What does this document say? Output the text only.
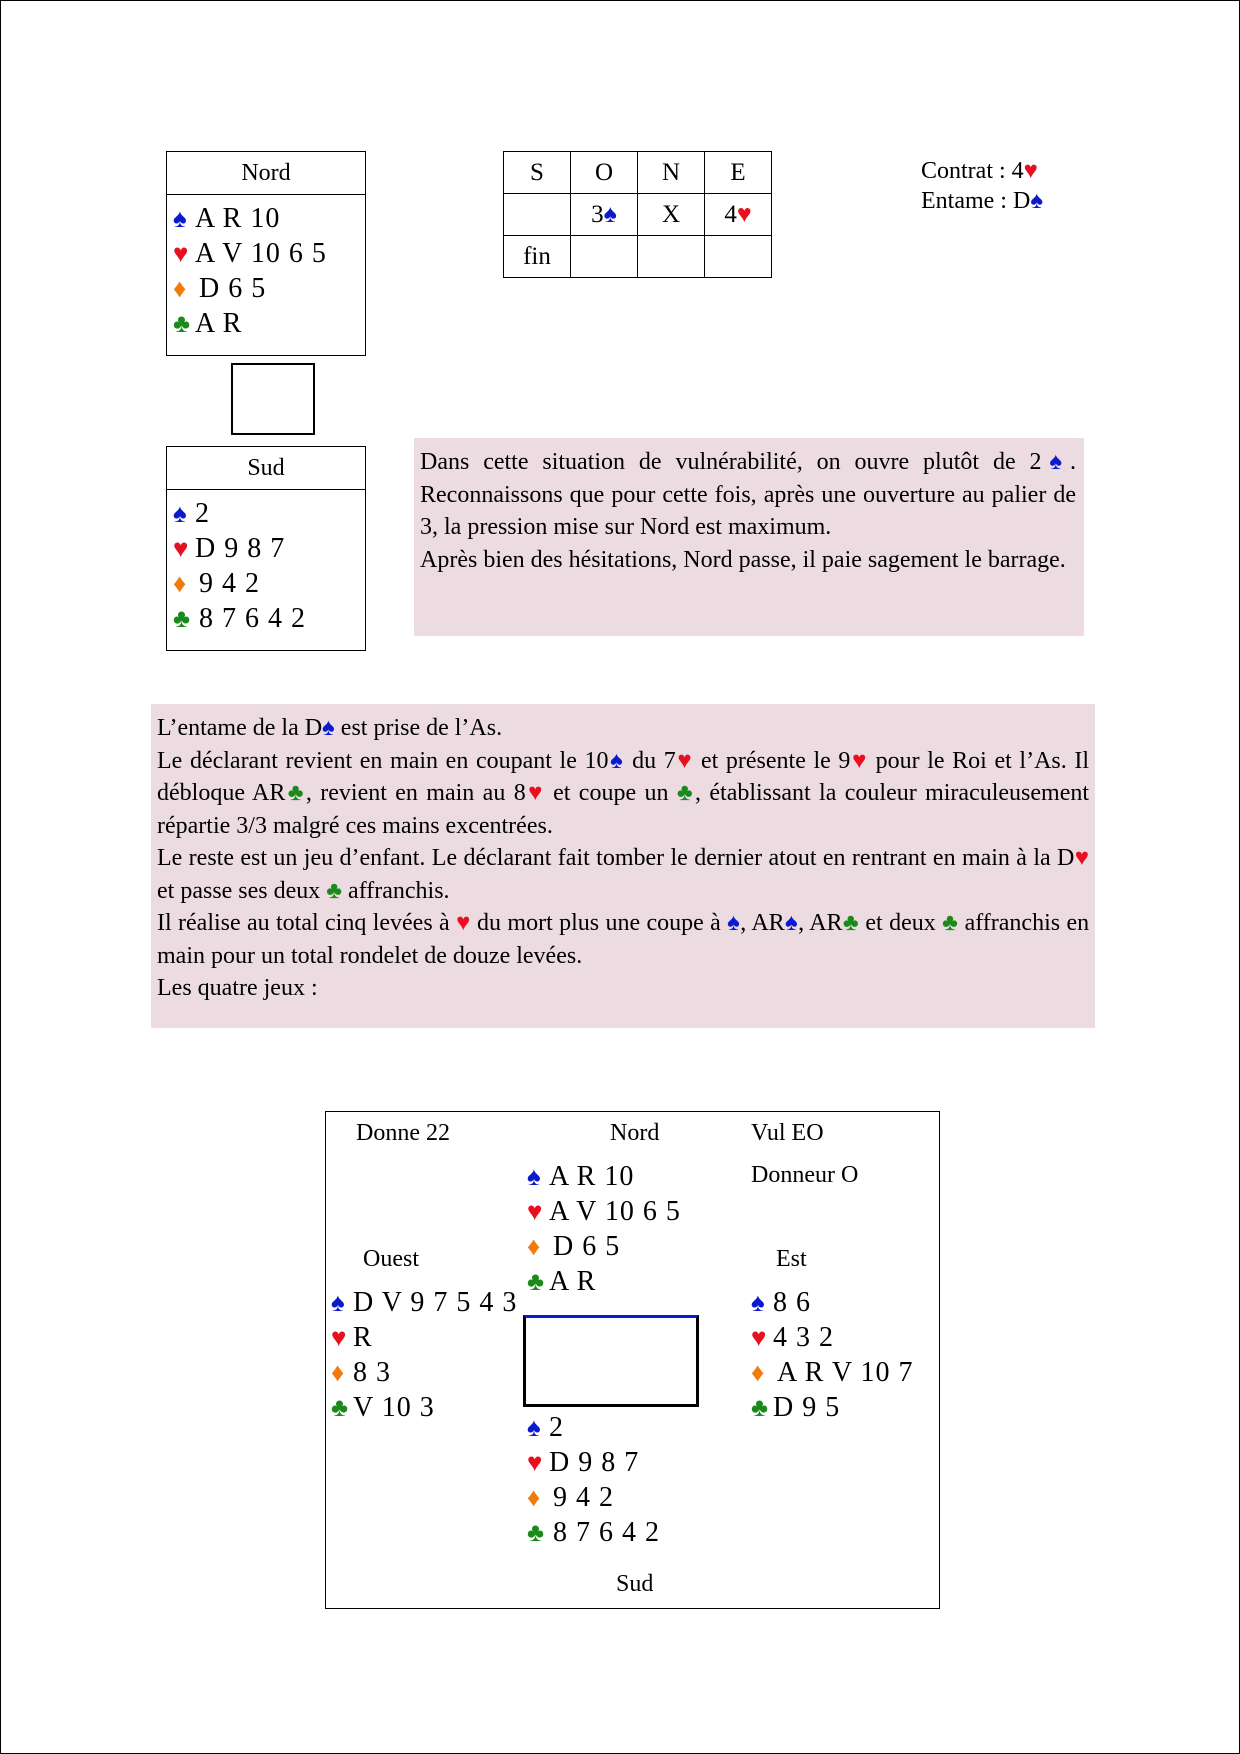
Nord
♠ A R 10
♥ A V 10 6 5
♦ D 6 5
♣ A R
Sud
♠ 2
♥ D 9 8 7
♦ 9 4 2
♣ 8 7 6 4 2
S	O	N	E
	3♠	X	4♥
fin			
Contrat : 4♥
Entame : D♠

Dans cette situation de vulnérabilité, on ouvre plutôt de 2♠. Reconnaissons que pour cette fois, après une ouverture au palier de 3, la pression mise sur Nord est maximum.

Après bien des hésitations, Nord passe, il paie sagement le barrage.

L’entame de la D♠ est prise de l’As.

Le déclarant revient en main en coupant le 10♠ du 7♥ et présente le 9♥ pour le Roi et l’As. Il débloque AR♣, revient en main au 8♥ et coupe un ♣, établissant la couleur miraculeusement répartie 3/3 malgré ces mains excentrées.

Le reste est un jeu d’enfant. Le déclarant fait tomber le dernier atout en rentrant en main à la D♥ et passe ses deux ♣ affranchis.

Il réalise au total cinq levées à ♥ du mort plus une coupe à ♠, AR♠, AR♣ et deux ♣ affranchis en main pour un total rondelet de douze levées.

Les quatre jeux :

Donne 22	Nord	Vul EO
Donneur O
Ouest	Est
Sud
♠ A R 10
♥ A V 10 6 5
♦ D 6 5
♣ A R
♠ D V 9 7 5 4 3
♥ R
♦ 8 3
♣ V 10 3
♠ 8 6
♥ 4 3 2
♦ A R V 10 7
♣ D 9 5
♠ 2
♥ D 9 8 7
♦ 9 4 2
♣ 8 7 6 4 2
